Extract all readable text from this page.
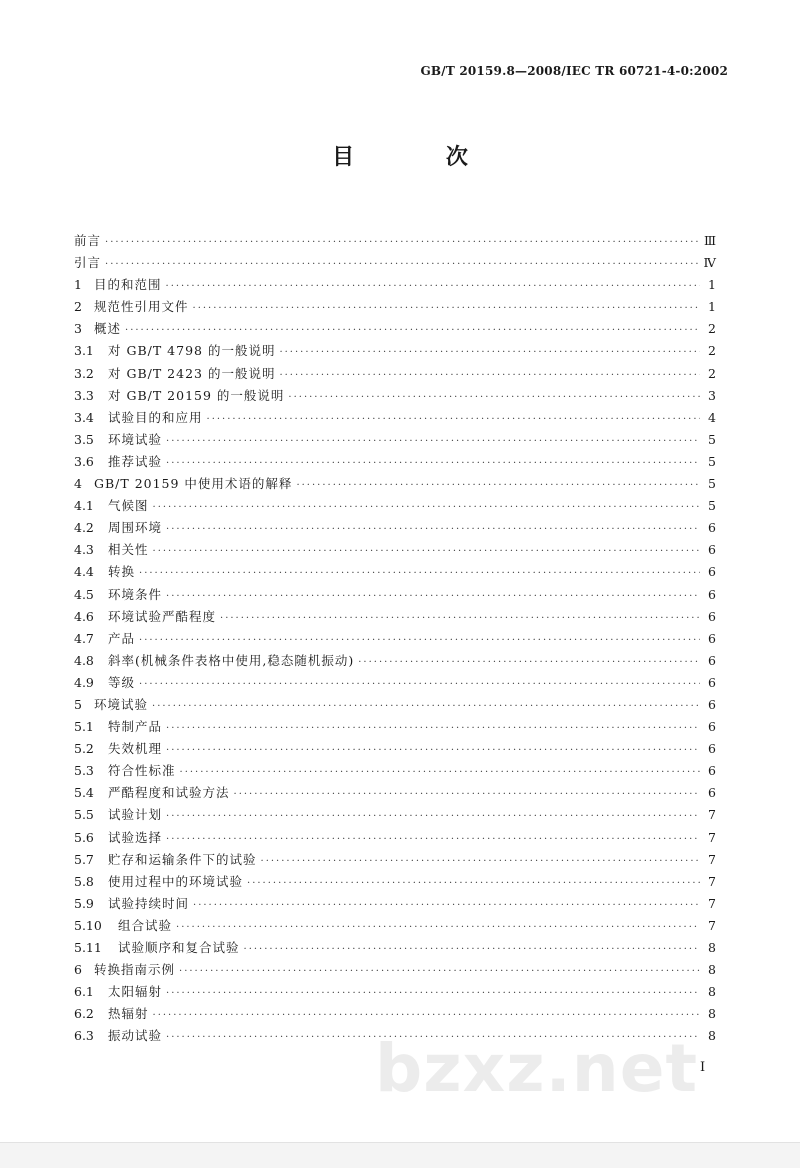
GB/T 20159.8—2008/IEC TR 60721-4-0:2002
目 次
前言 ·····	Ⅲ
引言 ·····	Ⅳ
1 目的和范围 ·····	1
2 规范性引用文件 ·····	1
3 概述 ·····	2
3.1	对 GB/T 4798 的一般说明 ·····	2
3.2	对 GB/T 2423 的一般说明 ·····	2
3.3	对 GB/T 20159 的一般说明 ·····	3
3.4	试验目的和应用 ·····	4
3.5	环境试验 ·····	5
3.6	推荐试验 ·····	5
4 GB/T 20159 中使用术语的解释 ·····	5
4.1	气候图 ·····	5
4.2	周围环境 ·····	6
4.3	相关性 ·····	6
4.4	转换 ·····	6
4.5	环境条件 ·····	6
4.6	环境试验严酷程度 ·····	6
4.7	产品 ·····	6
4.8	斜率(机械条件表格中使用,稳态随机振动) ·····	6
4.9	等级 ·····	6
5 环境试验 ·····	6
5.1	特制产品 ·····	6
5.2	失效机理 ·····	6
5.3	符合性标准 ·····	6
5.4	严酷程度和试验方法 ·····	6
5.5	试验计划 ·····	7
5.6	试验选择 ·····	7
5.7	贮存和运输条件下的试验 ·····	7
5.8	使用过程中的环境试验 ·····	7
5.9	试验持续时间 ·····	7
5.10	组合试验 ·····	7
5.11	试验顺序和复合试验 ·····	8
6 转换指南示例 ·····	8
6.1	太阳辐射 ·····	8
6.2	热辐射 ·····	8
6.3	振动试验 ·····	8
bzxz.net I
